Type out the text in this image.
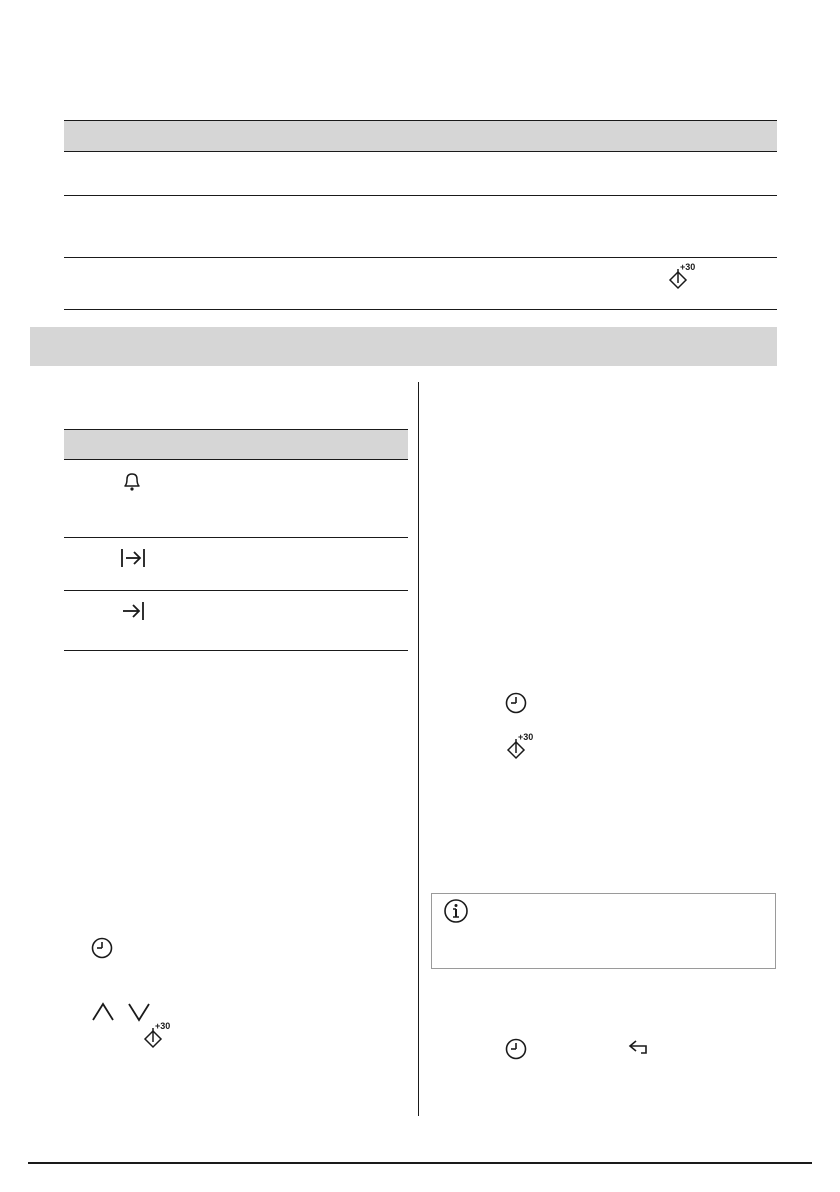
+30
+30
+30
